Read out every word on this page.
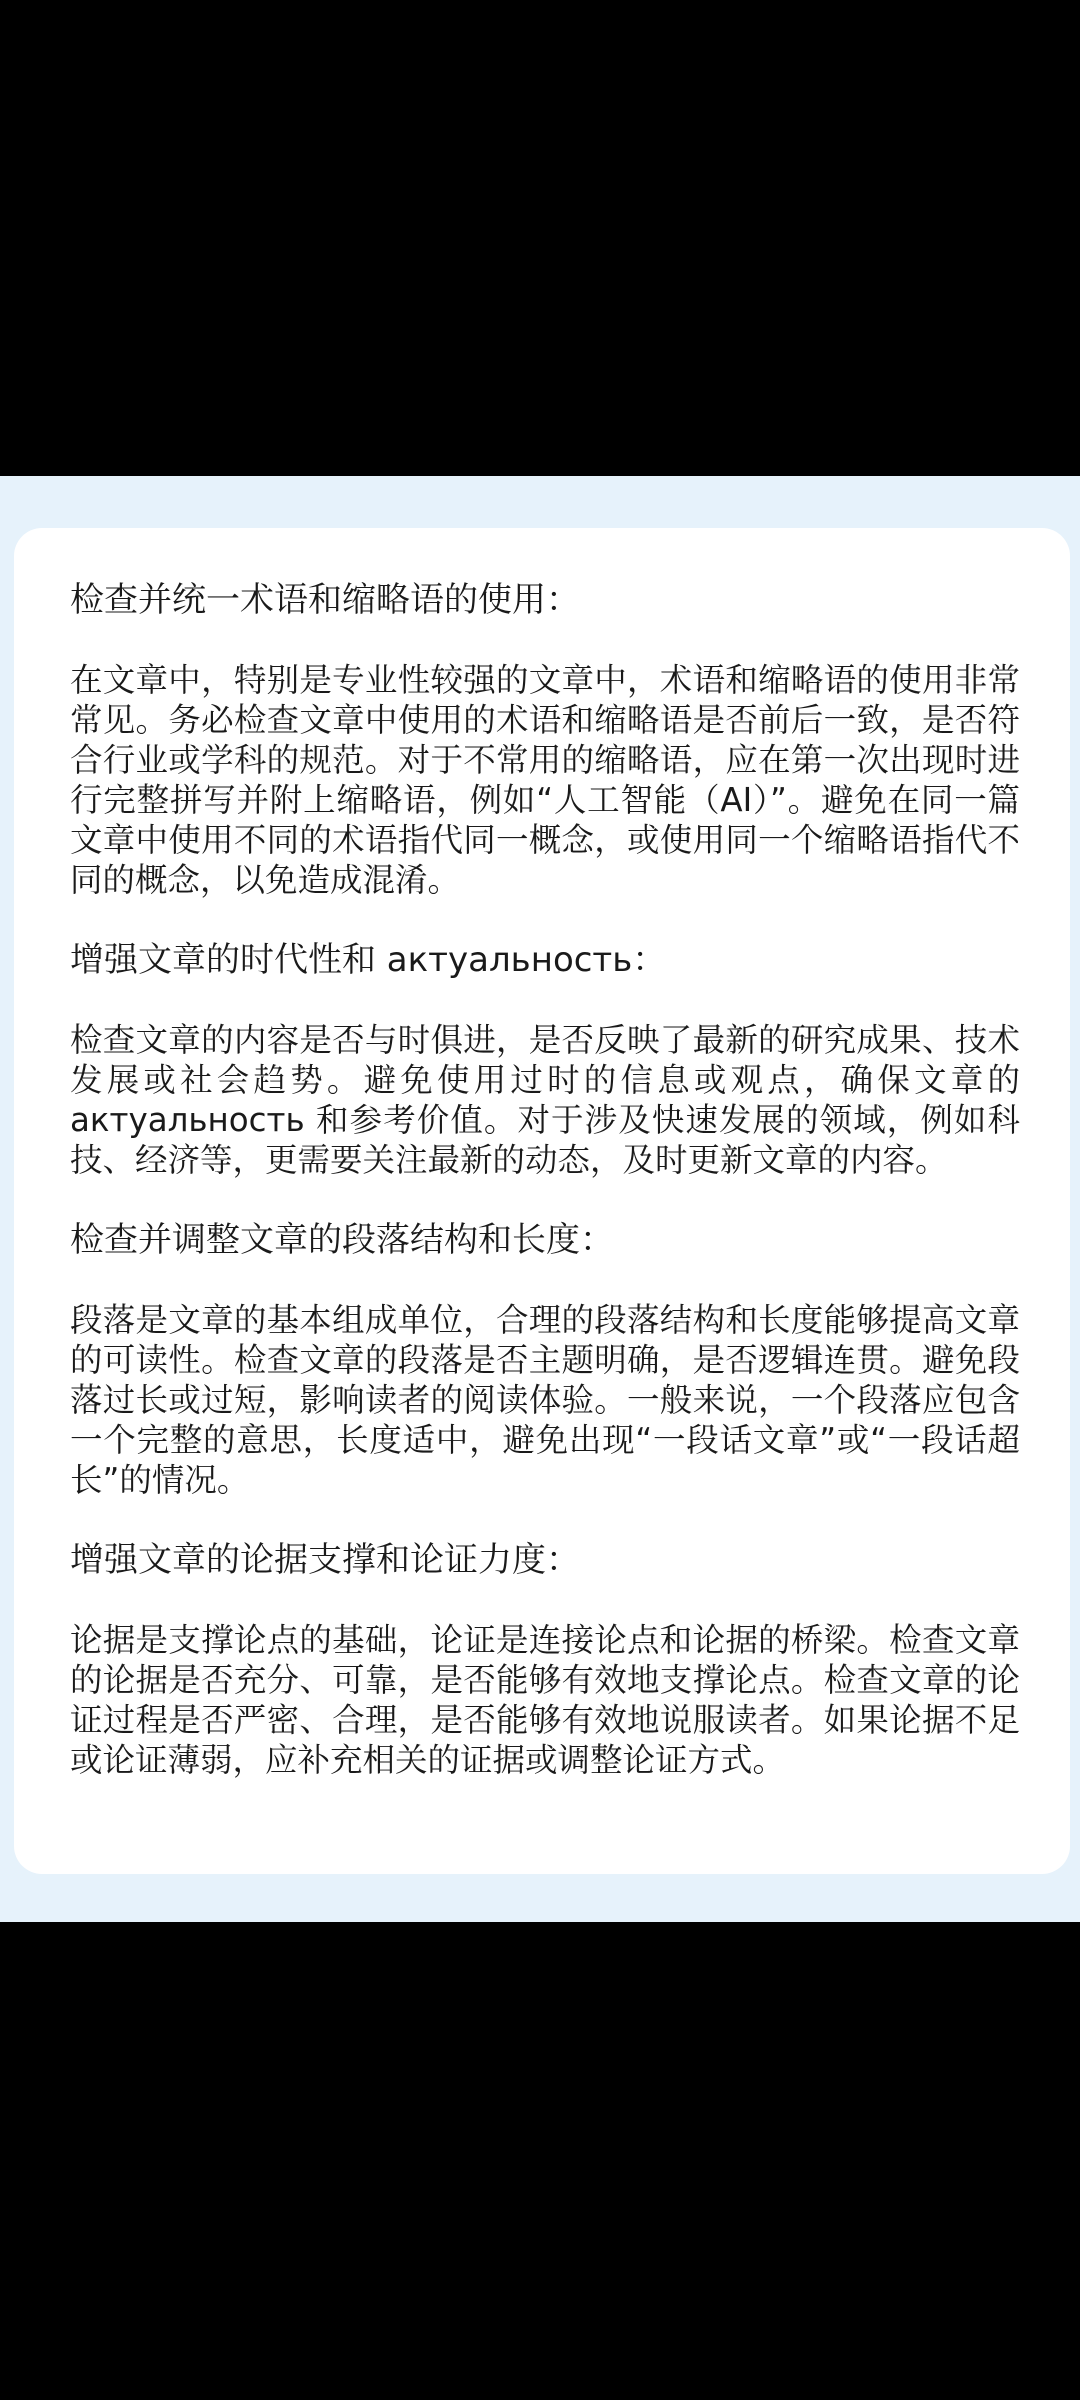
检查并统一术语和缩略语的使用：

在文章中，特别是专业性较强的文章中，术语和缩略语的使用非常常见。务必检查文章中使用的术语和缩略语是否前后一致，是否符合行业或学科的规范。对于不常用的缩略语，应在第一次出现时进行完整拼写并附上缩略语，例如“人工智能（AI）”。避免在同一篇文章中使用不同的术语指代同一概念，或使用同一个缩略语指代不同的概念，以免造成混淆。

增强文章的时代性和 актуальность：

检查文章的内容是否与时俱进，是否反映了最新的研究成果、技术发展或社会趋势。避免使用过时的信息或观点，确保文章的 актуальность 和参考价值。对于涉及快速发展的领域，例如科技、经济等，更需要关注最新的动态，及时更新文章的内容。

检查并调整文章的段落结构和长度：

段落是文章的基本组成单位，合理的段落结构和长度能够提高文章的可读性。检查文章的段落是否主题明确，是否逻辑连贯。避免段落过长或过短，影响读者的阅读体验。一般来说，一个段落应包含一个完整的意思，长度适中，避免出现“一段话文章”或“一段话超长”的情况。

增强文章的论据支撑和论证力度：

论据是支撑论点的基础，论证是连接论点和论据的桥梁。检查文章的论据是否充分、可靠，是否能够有效地支撑论点。检查文章的论证过程是否严密、合理，是否能够有效地说服读者。如果论据不足或论证薄弱，应补充相关的证据或调整论证方式。
